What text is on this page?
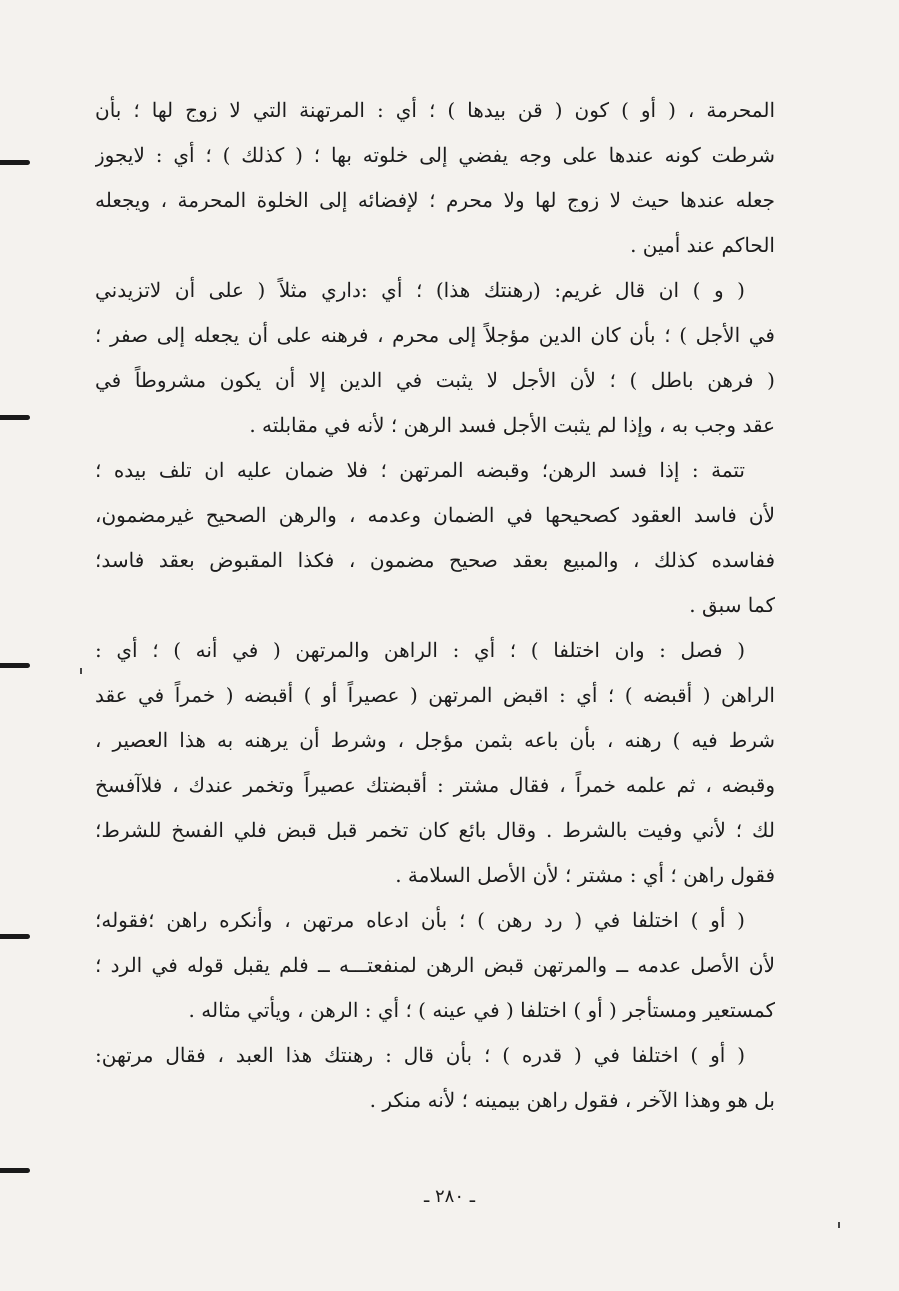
المحرمة ، ( أو ) كون ( قن بيدها ) ؛ أي : المرتهنة التي لا زوج لها ؛ بأن
شرطت كونه عندها على وجه يفضي إلى خلوته بها ؛ ( كذلك ) ؛ أي : لايجوز
جعله عندها حيث لا زوج لها ولا محرم ؛ لإفضائه إلى الخلوة المحرمة ، ويجعله
الحاكم عند أمين .
( و ) ان قال غريم: (رهنتك هذا) ؛ أي :داري مثلاً ( على أن لاتزيدني
في الأجل ) ؛ بأن كان الدين مؤجلاً إلى محرم ، فرهنه على أن يجعله إلى صفر ؛
( فرهن باطل ) ؛ لأن الأجل لا يثبت في الدين إلا أن يكون مشروطاً في
عقد وجب به ، وإذا لم يثبت الأجل فسد الرهن ؛ لأنه في مقابلته .
تتمة : إذا فسد الرهن؛ وقبضه المرتهن ؛ فلا ضمان عليه ان تلف بيده ؛
لأن فاسد العقود كصحيحها في الضمان وعدمه ، والرهن الصحيح غيرمضمون،
ففاسده كذلك ، والمبيع بعقد صحيح مضمون ، فكذا المقبوض بعقد فاسد؛
كما سبق .
( فصل : وان اختلفا ) ؛ أي : الراهن والمرتهن ( في أنه ) ؛ أي :
الراهن ( أقبضه ) ؛ أي : اقبض المرتهن ( عصيراً أو ) أقبضه ( خمراً في عقد
شرط فيه ) رهنه ، بأن باعه بثمن مؤجل ، وشرط أن يرهنه به هذا العصير ،
وقبضه ، ثم علمه خمراً ، فقال مشتر : أقبضتك عصيراً وتخمر عندك ، فلاآفسخ
لك ؛ لأني وفيت بالشرط . وقال بائع كان تخمر قبل قبض فلي الفسخ للشرط؛
فقول راهن ؛ أي : مشتر ؛ لأن الأصل السلامة .
( أو ) اختلفا في ( رد رهن ) ؛ بأن ادعاه مرتهن ، وأنكره راهن ؛فقوله؛
لأن الأصل عدمه ــ والمرتهن قبض الرهن لمنفعتـــه ــ فلم يقبل قوله في الرد ؛
كمستعير ومستأجر ( أو ) اختلفا ( في عينه ) ؛ أي : الرهن ، ويأتي مثاله .
( أو ) اختلفا في ( قدره ) ؛ بأن قال : رهنتك هذا العبد ، فقال مرتهن:
بل هو وهذا الآخر ، فقول راهن بيمينه ؛ لأنه منكر .
ـ ٢٨٠ ـ
